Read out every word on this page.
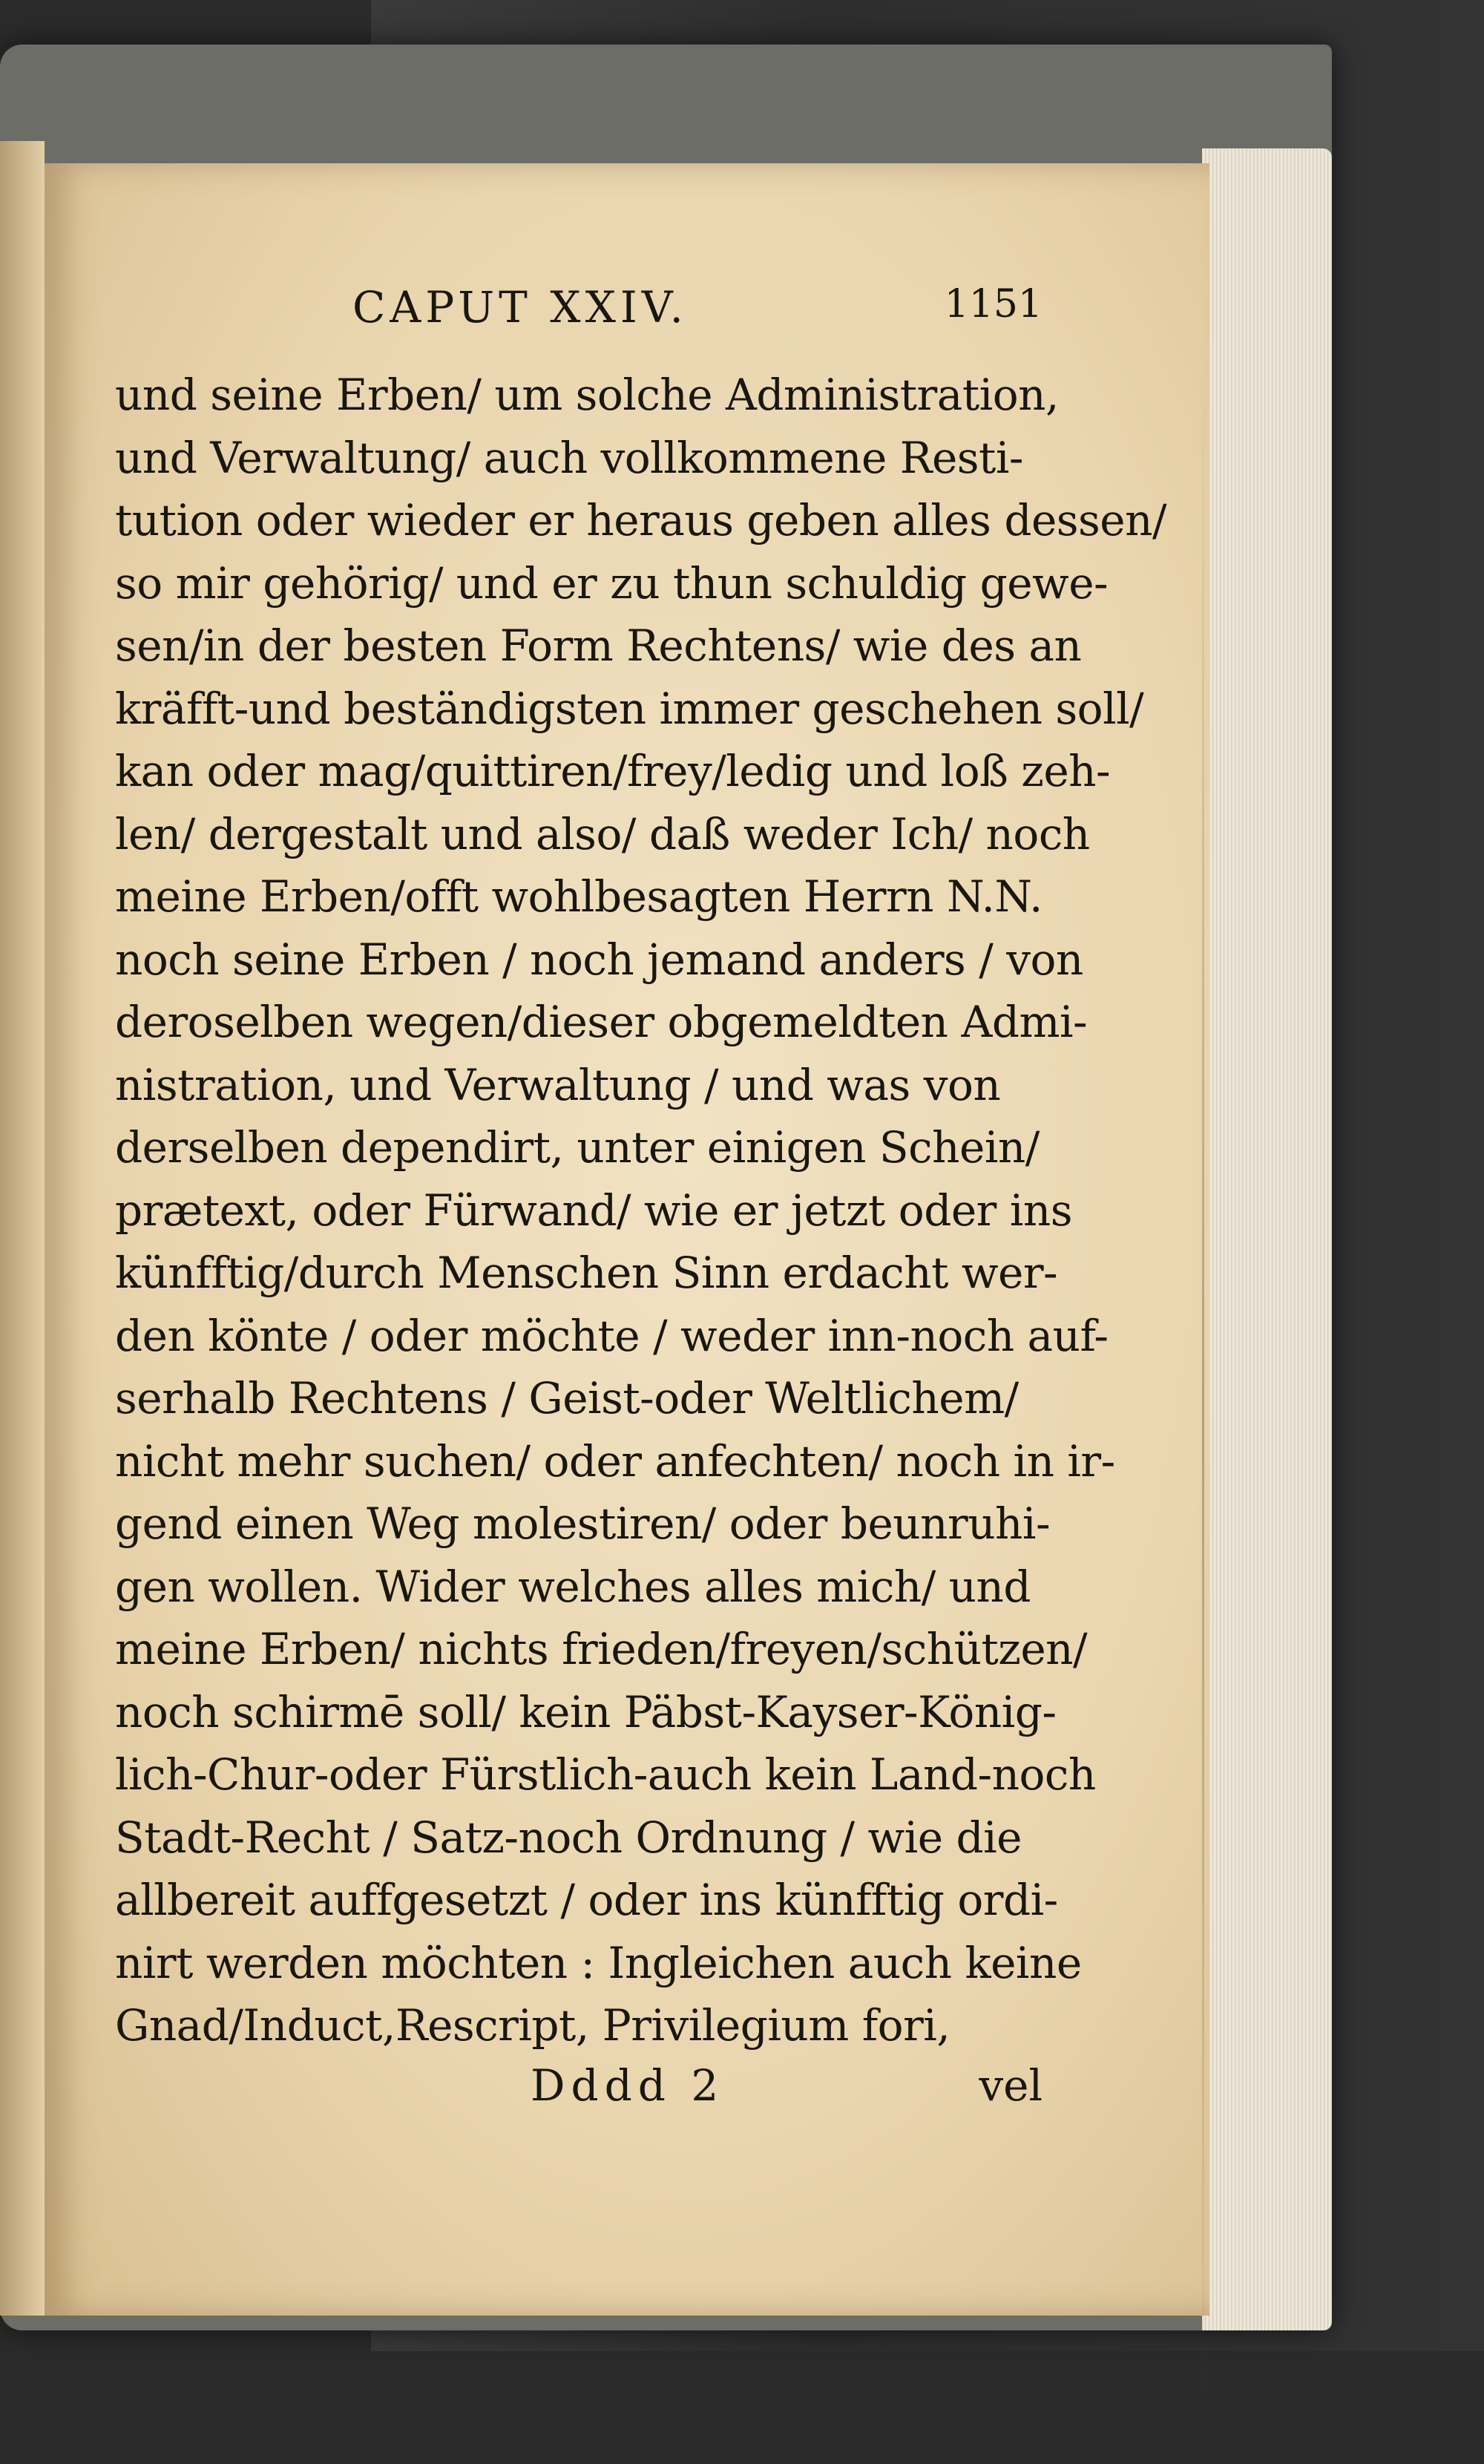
CAPUT XXIV.	1151
und seine Erben/ um solche Administration,
und Verwaltung/ auch vollkommene Resti-
tution oder wieder er heraus geben alles dessen/
so mir gehörig/ und er zu thun schuldig gewe-
sen/in der besten Form Rechtens/ wie des an
kräfft-und beständigsten immer geschehen soll/
kan oder mag/quittiren/frey/ledig und loß zeh-
len/ dergestalt und also/ daß weder Ich/ noch
meine Erben/offt wohlbesagten Herrn N.N.
noch seine Erben / noch jemand anders / von
deroselben wegen/dieser obgemeldten Admi-
nistration, und Verwaltung / und was von
derselben dependirt, unter einigen Schein/
prætext, oder Fürwand/ wie er jetzt oder ins
künfftig/durch Menschen Sinn erdacht wer-
den könte / oder möchte / weder inn-noch auf-
serhalb Rechtens / Geist-oder Weltlichem/
nicht mehr suchen/ oder anfechten/ noch in ir-
gend einen Weg molestiren/ oder beunruhi-
gen wollen. Wider welches alles mich/ und
meine Erben/ nichts frieden/freyen/schützen/
noch schirmē soll/ kein Päbst-Kayser-König-
lich-Chur-oder Fürstlich-auch kein Land-noch
Stadt-Recht / Satz-noch Ordnung / wie die
allbereit auffgesetzt / oder ins künfftig ordi-
nirt werden möchten : Ingleichen auch keine
Gnad/Induct,Rescript, Privilegium fori,
Dddd 2	vel
